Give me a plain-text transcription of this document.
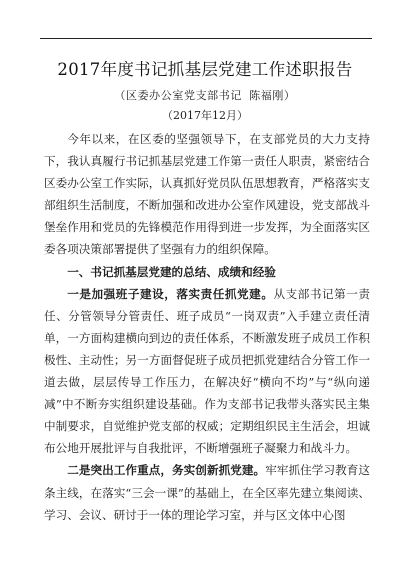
2017年度书记抓基层党建工作述职报告
（区委办公室党支部书记 陈福刚）
（2017年12月）

今年以来，在区委的坚强领导下，在支部党员的大力支持下，我认真履行书记抓基层党建工作第一责任人职责，紧密结合区委办公室工作实际，认真抓好党员队伍思想教育，严格落实支部组织生活制度，不断加强和改进办公室作风建设，党支部战斗堡垒作用和党员的先锋模范作用得到进一步发挥，为全面落实区委各项决策部署提供了坚强有力的组织保障。

一、书记抓基层党建的总结、成绩和经验

一是加强班子建设，落实责任抓党建。从支部书记第一责任、分管领导分管责任、班子成员“一岗双责”入手建立责任清单，一方面构建横向到边的责任体系，不断激发班子成员工作积极性、主动性；另一方面督促班子成员把抓党建结合分管工作一道去做，层层传导工作压力，在解决好“横向不均”与“纵向递减”中不断夯实组织建设基础。作为支部书记我带头落实民主集中制要求，自觉维护党支部的权威；定期组织民主生活会，坦诚布公地开展批评与自我批评，不断增强班子凝聚力和战斗力。

二是突出工作重点，务实创新抓党建。牢牢抓住学习教育这条主线，在落实“三会一课”的基础上，在全区率先建立集阅读、学习、会议、研讨于一体的理论学习室，并与区文体中心图
